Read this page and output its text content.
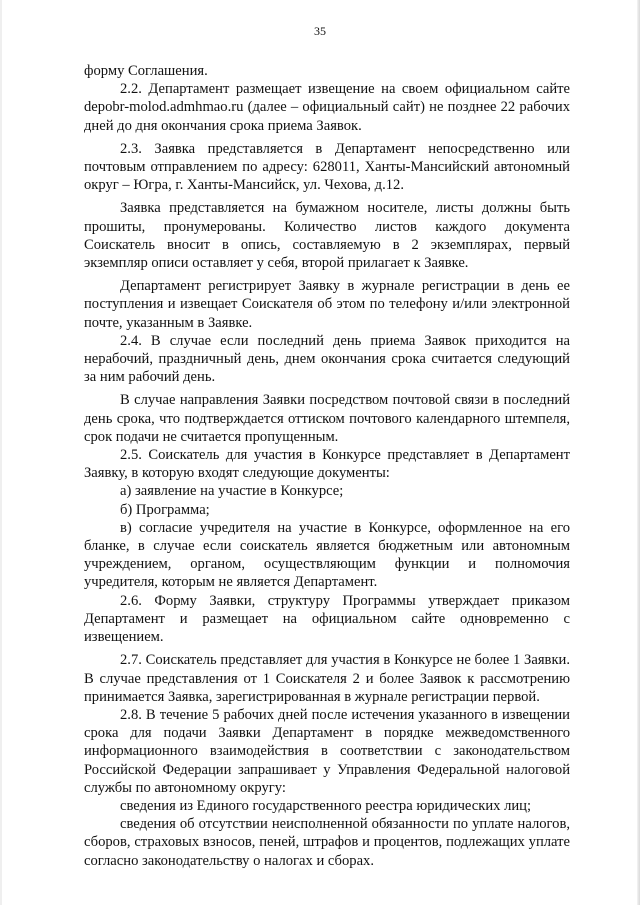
35

форму Соглашения.

2.2. Департамент размещает извещение на своем официальном сайте depobr-molod.admhmao.ru (далее – официальный сайт) не позднее 22 рабочих дней до дня окончания срока приема Заявок.

2.3. Заявка представляется в Департамент непосредственно или почтовым отправлением по адресу: 628011, Ханты-Мансийский автономный округ – Югра, г. Ханты-Мансийск, ул. Чехова, д.12.

Заявка представляется на бумажном носителе, листы должны быть прошиты, пронумерованы. Количество листов каждого документа Соискатель вносит в опись, составляемую в 2 экземплярах, первый экземпляр описи оставляет у себя, второй прилагает к Заявке.

Департамент регистрирует Заявку в журнале регистрации в день ее поступления и извещает Соискателя об этом по телефону и/или электронной почте, указанным в Заявке.

2.4. В случае если последний день приема Заявок приходится на нерабочий, праздничный день, днем окончания срока считается следующий за ним рабочий день.

В случае направления Заявки посредством почтовой связи в последний день срока, что подтверждается оттиском почтового календарного штемпеля, срок подачи не считается пропущенным.

2.5. Соискатель для участия в Конкурсе представляет в Департамент Заявку, в которую входят следующие документы:

а) заявление на участие в Конкурсе;

б) Программа;

в) согласие учредителя на участие в Конкурсе, оформленное на его бланке, в случае если соискатель является бюджетным или автономным учреждением, органом, осуществляющим функции и полномочия учредителя, которым не является Департамент.

2.6. Форму Заявки, структуру Программы утверждает приказом Департамент и размещает на официальном сайте одновременно с извещением.

2.7. Соискатель представляет для участия в Конкурсе не более 1 Заявки. В случае представления от 1 Соискателя 2 и более Заявок к рассмотрению принимается Заявка, зарегистрированная в журнале регистрации первой.

2.8. В течение 5 рабочих дней после истечения указанного в извещении срока для подачи Заявки Департамент в порядке межведомственного информационного взаимодействия в соответствии с законодательством Российской Федерации запрашивает у Управления Федеральной налоговой службы по автономному округу:

сведения из Единого государственного реестра юридических лиц;

сведения об отсутствии неисполненной обязанности по уплате налогов, сборов, страховых взносов, пеней, штрафов и процентов, подлежащих уплате согласно законодательству о налогах и сборах.
